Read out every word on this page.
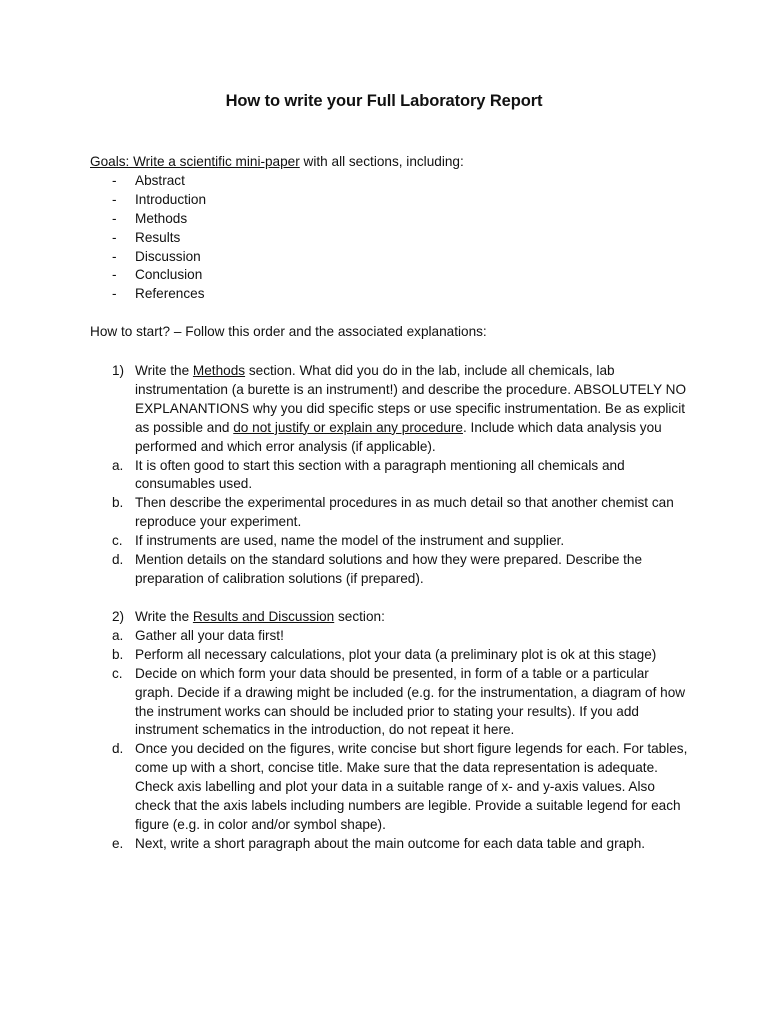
How to write your Full Laboratory Report
Goals: Write a scientific mini-paper with all sections, including:
-	Abstract
-	Introduction
-	Methods
-	Results
-	Discussion
-	Conclusion
-	References
How to start? – Follow this order and the associated explanations:
1) Write the Methods section. What did you do in the lab, include all chemicals, lab instrumentation (a burette is an instrument!) and describe the procedure. ABSOLUTELY NO EXPLANANTIONS why you did specific steps or use specific instrumentation. Be as explicit as possible and do not justify or explain any procedure. Include which data analysis you performed and which error analysis (if applicable).
a. It is often good to start this section with a paragraph mentioning all chemicals and consumables used.
b. Then describe the experimental procedures in as much detail so that another chemist can reproduce your experiment.
c. If instruments are used, name the model of the instrument and supplier.
d. Mention details on the standard solutions and how they were prepared. Describe the preparation of calibration solutions (if prepared).
2) Write the Results and Discussion section:
a. Gather all your data first!
b. Perform all necessary calculations, plot your data (a preliminary plot is ok at this stage)
c. Decide on which form your data should be presented, in form of a table or a particular graph. Decide if a drawing might be included (e.g. for the instrumentation, a diagram of how the instrument works can should be included prior to stating your results). If you add instrument schematics in the introduction, do not repeat it here.
d. Once you decided on the figures, write concise but short figure legends for each. For tables, come up with a short, concise title. Make sure that the data representation is adequate. Check axis labelling and plot your data in a suitable range of x- and y-axis values. Also check that the axis labels including numbers are legible. Provide a suitable legend for each figure (e.g. in color and/or symbol shape).
e. Next, write a short paragraph about the main outcome for each data table and graph.
